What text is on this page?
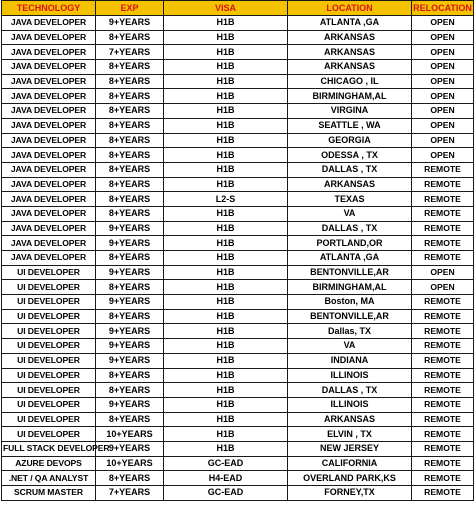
TECHNOLOGY	EXP	VISA	LOCATION	RELOCATION
JAVA DEVELOPER	9+YEARS	H1B	ATLANTA ,GA	OPEN
JAVA DEVELOPER	8+YEARS	H1B	ARKANSAS	OPEN
JAVA DEVELOPER	7+YEARS	H1B	ARKANSAS	OPEN
JAVA DEVELOPER	8+YEARS	H1B	ARKANSAS	OPEN
JAVA DEVELOPER	8+YEARS	H1B	CHICAGO , IL	OPEN
JAVA DEVELOPER	8+YEARS	H1B	BIRMINGHAM,AL	OPEN
JAVA DEVELOPER	8+YEARS	H1B	VIRGINA	OPEN
JAVA DEVELOPER	8+YEARS	H1B	SEATTLE , WA	OPEN
JAVA DEVELOPER	8+YEARS	H1B	GEORGIA	OPEN
JAVA DEVELOPER	8+YEARS	H1B	ODESSA , TX	OPEN
JAVA DEVELOPER	8+YEARS	H1B	DALLAS , TX	REMOTE
JAVA DEVELOPER	8+YEARS	H1B	ARKANSAS	REMOTE
JAVA DEVELOPER	8+YEARS	L2-S	TEXAS	REMOTE
JAVA DEVELOPER	8+YEARS	H1B	VA	REMOTE
JAVA DEVELOPER	9+YEARS	H1B	DALLAS , TX	REMOTE
JAVA DEVELOPER	9+YEARS	H1B	PORTLAND,OR	REMOTE
JAVA DEVELOPER	8+YEARS	H1B	ATLANTA ,GA	REMOTE
UI DEVELOPER	9+YEARS	H1B	BENTONVILLE,AR	OPEN
UI DEVELOPER	8+YEARS	H1B	BIRMINGHAM,AL	OPEN
UI DEVELOPER	9+YEARS	H1B	Boston, MA	REMOTE
UI DEVELOPER	8+YEARS	H1B	BENTONVILLE,AR	REMOTE
UI DEVELOPER	9+YEARS	H1B	Dallas, TX	REMOTE
UI DEVELOPER	9+YEARS	H1B	VA	REMOTE
UI DEVELOPER	9+YEARS	H1B	INDIANA	REMOTE
UI DEVELOPER	8+YEARS	H1B	ILLINOIS	REMOTE
UI DEVELOPER	8+YEARS	H1B	DALLAS , TX	REMOTE
UI DEVELOPER	9+YEARS	H1B	ILLINOIS	REMOTE
UI DEVELOPER	8+YEARS	H1B	ARKANSAS	REMOTE
UI DEVELOPER	10+YEARS	H1B	ELVIN , TX	REMOTE
FULL STACK DEVELOPER	9+YEARS	H1B	NEW JERSEY	REMOTE
AZURE DEVOPS	10+YEARS	GC-EAD	CALIFORNIA	REMOTE
.NET / QA ANALYST	8+YEARS	H4-EAD	OVERLAND PARK,KS	REMOTE
SCRUM MASTER	7+YEARS	GC-EAD	FORNEY,TX	REMOTE
